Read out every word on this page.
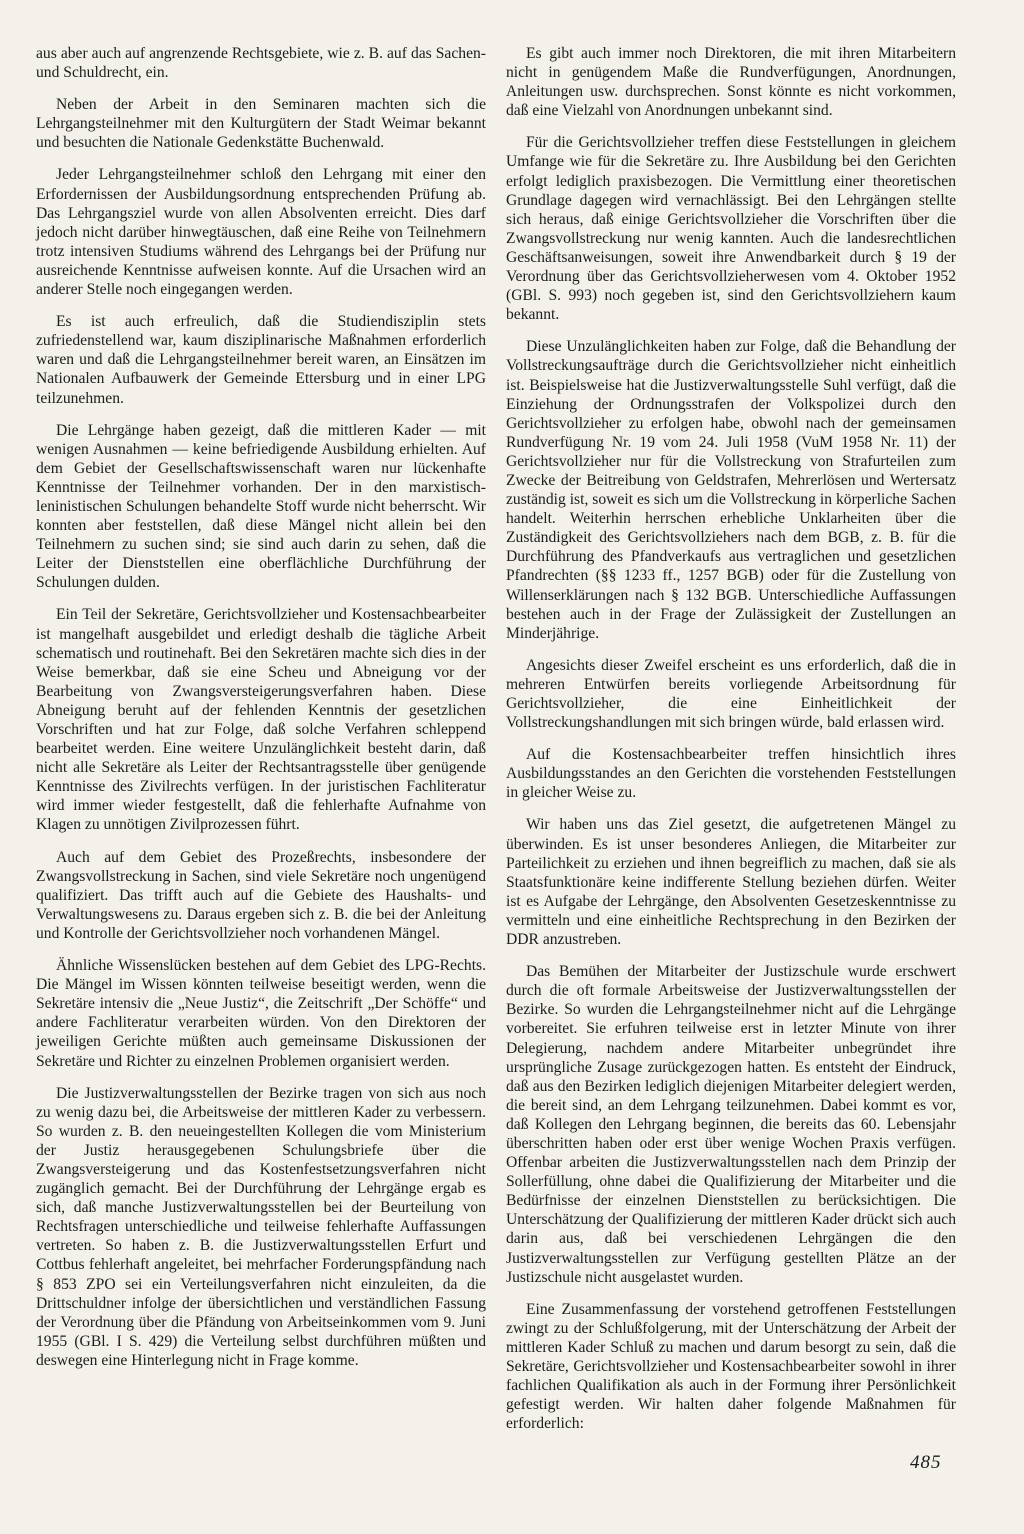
aus aber auch auf angrenzende Rechtsgebiete, wie z. B. auf das Sachen- und Schuldrecht, ein.

Neben der Arbeit in den Seminaren machten sich die Lehrgangsteilnehmer mit den Kulturgütern der Stadt Weimar bekannt und besuchten die Nationale Gedenkstätte Buchenwald.

Jeder Lehrgangsteilnehmer schloß den Lehrgang mit einer den Erfordernissen der Ausbildungsordnung entsprechenden Prüfung ab. Das Lehrgangsziel wurde von allen Absolventen erreicht. Dies darf jedoch nicht darüber hinwegtäuschen, daß eine Reihe von Teilnehmern trotz intensiven Studiums während des Lehrgangs bei der Prüfung nur ausreichende Kenntnisse aufweisen konnte. Auf die Ursachen wird an anderer Stelle noch eingegangen werden.

Es ist auch erfreulich, daß die Studiendisziplin stets zufriedenstellend war, kaum disziplinarische Maßnahmen erforderlich waren und daß die Lehrgangsteilnehmer bereit waren, an Einsätzen im Nationalen Aufbauwerk der Gemeinde Ettersburg und in einer LPG teilzunehmen.

Die Lehrgänge haben gezeigt, daß die mittleren Kader — mit wenigen Ausnahmen — keine befriedigende Ausbildung erhielten. Auf dem Gebiet der Gesellschaftswissenschaft waren nur lückenhafte Kenntnisse der Teilnehmer vorhanden. Der in den marxistisch-leninistischen Schulungen behandelte Stoff wurde nicht beherrscht. Wir konnten aber feststellen, daß diese Mängel nicht allein bei den Teilnehmern zu suchen sind; sie sind auch darin zu sehen, daß die Leiter der Dienststellen eine oberflächliche Durchführung der Schulungen dulden.

Ein Teil der Sekretäre, Gerichtsvollzieher und Kostensachbearbeiter ist mangelhaft ausgebildet und erledigt deshalb die tägliche Arbeit schematisch und routinehaft. Bei den Sekretären machte sich dies in der Weise bemerkbar, daß sie eine Scheu und Abneigung vor der Bearbeitung von Zwangsversteigerungsverfahren haben. Diese Abneigung beruht auf der fehlenden Kenntnis der gesetzlichen Vorschriften und hat zur Folge, daß solche Verfahren schleppend bearbeitet werden. Eine weitere Unzulänglichkeit besteht darin, daß nicht alle Sekretäre als Leiter der Rechtsantragsstelle über genügende Kenntnisse des Zivilrechts verfügen. In der juristischen Fachliteratur wird immer wieder festgestellt, daß die fehlerhafte Aufnahme von Klagen zu unnötigen Zivilprozessen führt.

Auch auf dem Gebiet des Prozeßrechts, insbesondere der Zwangsvollstreckung in Sachen, sind viele Sekretäre noch ungenügend qualifiziert. Das trifft auch auf die Gebiete des Haushalts- und Verwaltungswesens zu. Daraus ergeben sich z. B. die bei der Anleitung und Kontrolle der Gerichtsvollzieher noch vorhandenen Mängel.

Ähnliche Wissenslücken bestehen auf dem Gebiet des LPG-Rechts. Die Mängel im Wissen könnten teilweise beseitigt werden, wenn die Sekretäre intensiv die „Neue Justiz“, die Zeitschrift „Der Schöffe“ und andere Fachliteratur verarbeiten würden. Von den Direktoren der jeweiligen Gerichte müßten auch gemeinsame Diskussionen der Sekretäre und Richter zu einzelnen Problemen organisiert werden.

Die Justizverwaltungsstellen der Bezirke tragen von sich aus noch zu wenig dazu bei, die Arbeitsweise der mittleren Kader zu verbessern. So wurden z. B. den neueingestellten Kollegen die vom Ministerium der Justiz herausgegebenen Schulungsbriefe über die Zwangsversteigerung und das Kostenfestsetzungsverfahren nicht zugänglich gemacht. Bei der Durchführung der Lehrgänge ergab es sich, daß manche Justizverwaltungsstellen bei der Beurteilung von Rechtsfragen unterschiedliche und teilweise fehlerhafte Auffassungen vertreten. So haben z. B. die Justizverwaltungsstellen Erfurt und Cottbus fehlerhaft angeleitet, bei mehrfacher Forderungspfändung nach § 853 ZPO sei ein Verteilungsverfahren nicht einzuleiten, da die Drittschuldner infolge der übersichtlichen und verständlichen Fassung der Verordnung über die Pfändung von Arbeitseinkommen vom 9. Juni 1955 (GBl. I S. 429) die Verteilung selbst durchführen müßten und deswegen eine Hinterlegung nicht in Frage komme.

Es gibt auch immer noch Direktoren, die mit ihren Mitarbeitern nicht in genügendem Maße die Rundverfügungen, Anordnungen, Anleitungen usw. durchsprechen. Sonst könnte es nicht vorkommen, daß eine Vielzahl von Anordnungen unbekannt sind.

Für die Gerichtsvollzieher treffen diese Feststellungen in gleichem Umfange wie für die Sekretäre zu. Ihre Ausbildung bei den Gerichten erfolgt lediglich praxisbezogen. Die Vermittlung einer theoretischen Grundlage dagegen wird vernachlässigt. Bei den Lehrgängen stellte sich heraus, daß einige Gerichtsvollzieher die Vorschriften über die Zwangsvollstreckung nur wenig kannten. Auch die landesrechtlichen Geschäftsanweisungen, soweit ihre Anwendbarkeit durch § 19 der Verordnung über das Gerichtsvollzieherwesen vom 4. Oktober 1952 (GBl. S. 993) noch gegeben ist, sind den Gerichtsvollziehern kaum bekannt.

Diese Unzulänglichkeiten haben zur Folge, daß die Behandlung der Vollstreckungsaufträge durch die Gerichtsvollzieher nicht einheitlich ist. Beispielsweise hat die Justizverwaltungsstelle Suhl verfügt, daß die Einziehung der Ordnungsstrafen der Volkspolizei durch den Gerichtsvollzieher zu erfolgen habe, obwohl nach der gemeinsamen Rundverfügung Nr. 19 vom 24. Juli 1958 (VuM 1958 Nr. 11) der Gerichtsvollzieher nur für die Vollstreckung von Strafurteilen zum Zwecke der Beitreibung von Geldstrafen, Mehrerlösen und Wertersatz zuständig ist, soweit es sich um die Vollstreckung in körperliche Sachen handelt. Weiterhin herrschen erhebliche Unklarheiten über die Zuständigkeit des Gerichtsvollziehers nach dem BGB, z. B. für die Durchführung des Pfandverkaufs aus vertraglichen und gesetzlichen Pfandrechten (§§ 1233 ff., 1257 BGB) oder für die Zustellung von Willenserklärungen nach § 132 BGB. Unterschiedliche Auffassungen bestehen auch in der Frage der Zulässigkeit der Zustellungen an Minderjährige.

Angesichts dieser Zweifel erscheint es uns erforderlich, daß die in mehreren Entwürfen bereits vorliegende Arbeitsordnung für Gerichtsvollzieher, die eine Einheitlichkeit der Vollstreckungshandlungen mit sich bringen würde, bald erlassen wird.

Auf die Kostensachbearbeiter treffen hinsichtlich ihres Ausbildungsstandes an den Gerichten die vorstehenden Feststellungen in gleicher Weise zu.

Wir haben uns das Ziel gesetzt, die aufgetretenen Mängel zu überwinden. Es ist unser besonderes Anliegen, die Mitarbeiter zur Parteilichkeit zu erziehen und ihnen begreiflich zu machen, daß sie als Staatsfunktionäre keine indifferente Stellung beziehen dürfen. Weiter ist es Aufgabe der Lehrgänge, den Absolventen Gesetzeskenntnisse zu vermitteln und eine einheitliche Rechtsprechung in den Bezirken der DDR anzustreben.

Das Bemühen der Mitarbeiter der Justizschule wurde erschwert durch die oft formale Arbeitsweise der Justizverwaltungsstellen der Bezirke. So wurden die Lehrgangsteilnehmer nicht auf die Lehrgänge vorbereitet. Sie erfuhren teilweise erst in letzter Minute von ihrer Delegierung, nachdem andere Mitarbeiter unbegründet ihre ursprüngliche Zusage zurückgezogen hatten. Es entsteht der Eindruck, daß aus den Bezirken lediglich diejenigen Mitarbeiter delegiert werden, die bereit sind, an dem Lehrgang teilzunehmen. Dabei kommt es vor, daß Kollegen den Lehrgang beginnen, die bereits das 60. Lebensjahr überschritten haben oder erst über wenige Wochen Praxis verfügen. Offenbar arbeiten die Justizverwaltungsstellen nach dem Prinzip der Sollerfüllung, ohne dabei die Qualifizierung der Mitarbeiter und die Bedürfnisse der einzelnen Dienststellen zu berücksichtigen. Die Unterschätzung der Qualifizierung der mittleren Kader drückt sich auch darin aus, daß bei verschiedenen Lehrgängen die den Justizverwaltungsstellen zur Verfügung gestellten Plätze an der Justizschule nicht ausgelastet wurden.

Eine Zusammenfassung der vorstehend getroffenen Feststellungen zwingt zu der Schlußfolgerung, mit der Unterschätzung der Arbeit der mittleren Kader Schluß zu machen und darum besorgt zu sein, daß die Sekretäre, Gerichtsvollzieher und Kostensachbearbeiter sowohl in ihrer fachlichen Qualifikation als auch in der Formung ihrer Persönlichkeit gefestigt werden. Wir halten daher folgende Maßnahmen für erforderlich:

485
